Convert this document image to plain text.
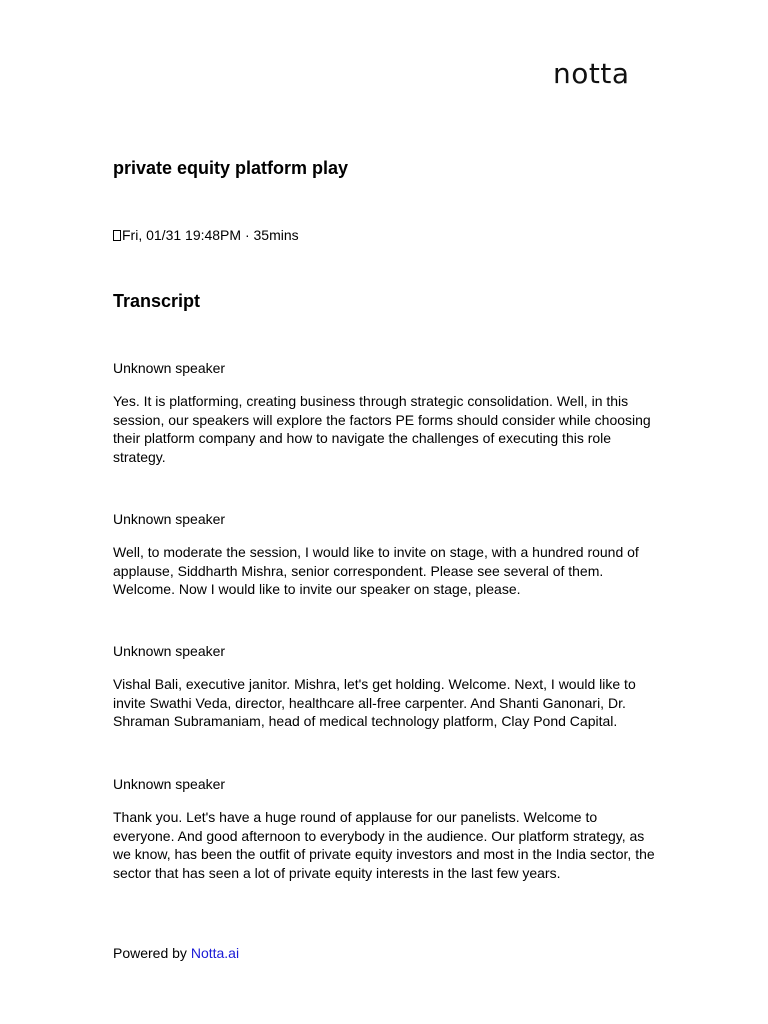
notta
private equity platform play
Fri, 01/31 19:48PM · 35mins
Transcript

Unknown speaker

Yes. It is platforming, creating business through strategic consolidation. Well, in this session, our speakers will explore the factors PE forms should consider while choosing their platform company and how to navigate the challenges of executing this role strategy.

Unknown speaker

Well, to moderate the session, I would like to invite on stage, with a hundred round of applause, Siddharth Mishra, senior correspondent. Please see several of them. Welcome. Now I would like to invite our speaker on stage, please.

Unknown speaker

Vishal Bali, executive janitor. Mishra, let's get holding. Welcome. Next, I would like to invite Swathi Veda, director, healthcare all-free carpenter. And Shanti Ganonari, Dr. Shraman Subramaniam, head of medical technology platform, Clay Pond Capital.

Unknown speaker

Thank you. Let's have a huge round of applause for our panelists. Welcome to everyone. And good afternoon to everybody in the audience. Our platform strategy, as we know, has been the outfit of private equity investors and most in the India sector, the sector that has seen a lot of private equity interests in the last few years.

Powered by Notta.ai
